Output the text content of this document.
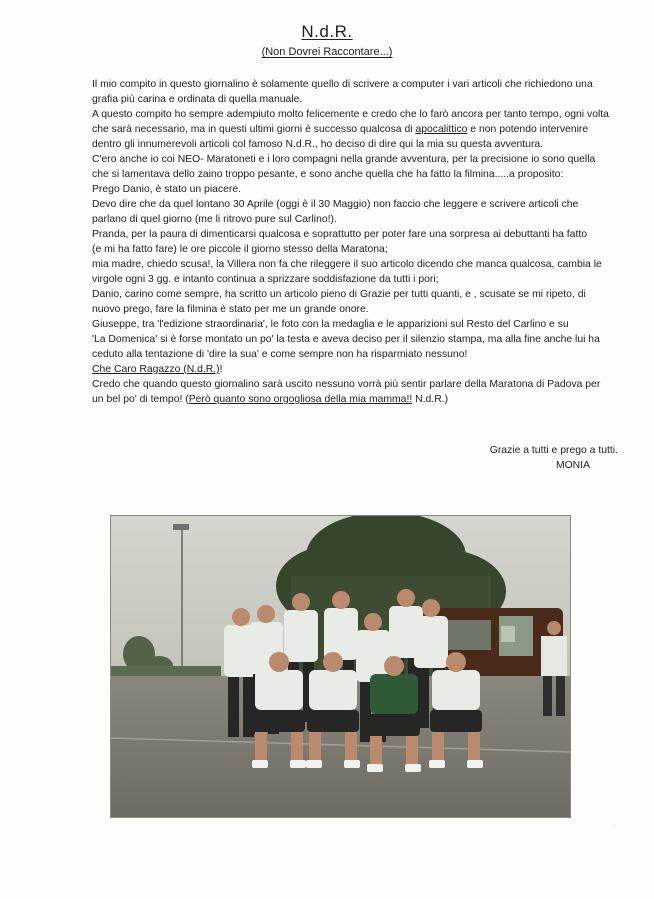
N.d.R.
(Non Dovrei Raccontare...)
Il mio compito in questo giornalino è solamente quello di scrivere a computer i vari articoli che richiedono una
grafia più carina e ordinata di quella manuale.
A questo compito ho sempre adempiuto molto felicemente e credo che lo farò ancora per tanto tempo, ogni volta
che sarà necessario, ma in questi ultimi giorni è successo qualcosa di apocalittico e non potendo intervenire
dentro gli innumerevoli articoli col famoso N.d.R., ho deciso di dire qui la mia su questa avventura.
C'ero anche io coi NEO- Maratoneti e i loro compagni nella grande avventura, per la precisione io sono quella
che si lamentava dello zaino troppo pesante, e sono anche quella che ha fatto la filmina.....a proposito:
Prego Danio, è stato un piacere.
Devo dire che da quel lontano 30 Aprile (oggi è il 30 Maggio) non faccio che leggere e scrivere articoli che
parlano di quel giorno (me li ritrovo pure sul Carlino!).
Pranda, per la paura di dimenticarsi qualcosa e soprattutto per poter fare una sorpresa ai debuttanti ha fatto
(e mi ha fatto fare) le ore piccole il giorno stesso della Maratona;
mia madre, chiedo scusa!, la Villera non fa che rileggere il suo articolo dicendo che manca qualcosa, cambia le
virgole ogni 3 gg. e intanto continua a sprizzare soddisfazione da tutti i pori;
Danio, carino come sempre, ha scritto un articolo pieno di Grazie per tutti quanti, e , scusate se mi ripeto, di
nuovo prego, fare la filmina è stato per me un grande onore.
Giuseppe, tra 'l'edizione straordinaria', le foto con la medaglia e le apparizioni sul Resto del Carlino e su
'La Domenica' si è forse montato un po' la testa e aveva deciso per il silenzio stampa, ma alla fine anche lui ha
ceduto alla tentazione di 'dire la sua' e come sempre non ha risparmiato nessuno!
Che Caro Ragazzo (N.d.R.)!
Credo che quando questo giornalino sarà uscito nessuno vorrà più sentir parlare della Maratona di Padova per
un bel po' di tempo! (Però quanto sono orgogliosa della mia mamma!! N.d.R.)
Grazie a tutti e prego a tutti.
MONIA
·
